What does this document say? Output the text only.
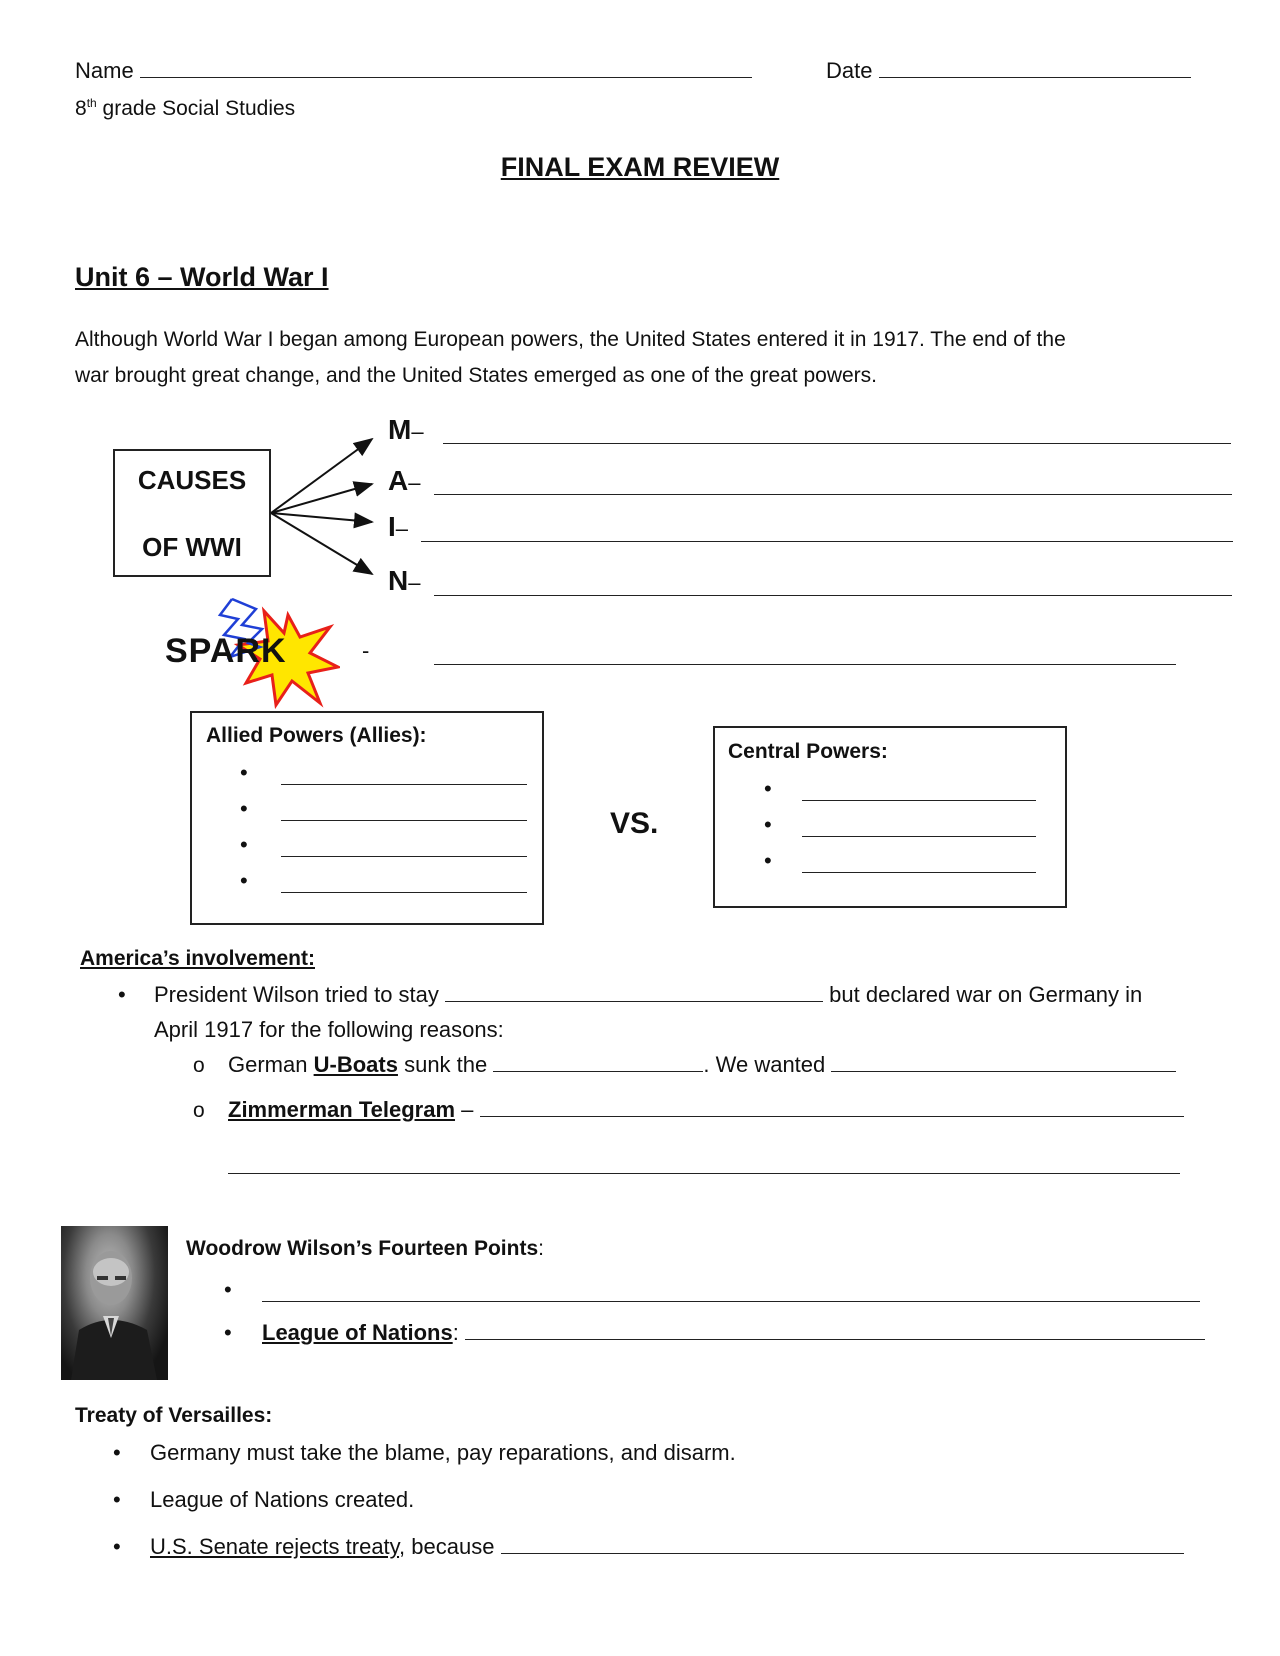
Name	Date
8th grade Social Studies
FINAL EXAM REVIEW
Unit 6 – World War I
Although World War I began among European powers, the United States entered it in 1917. The end of the
war brought great change, and the United States emerged as one of the great powers.
CAUSES
OF WWI
M–
A–
I–
N–
SPARK	-
Allied Powers (Allies):
•
•
•
•
VS.
Central Powers:
•
•
•
America’s involvement:
• President Wilson tried to stay	but declared war on Germany in
April 1917 for the following reasons:
o German U-Boats sunk the	. We wanted
o Zimmerman Telegram –
Woodrow Wilson’s Fourteen Points:
•
• League of Nations:
Treaty of Versailles:
• Germany must take the blame, pay reparations, and disarm.
• League of Nations created.
• U.S. Senate rejects treaty, because
